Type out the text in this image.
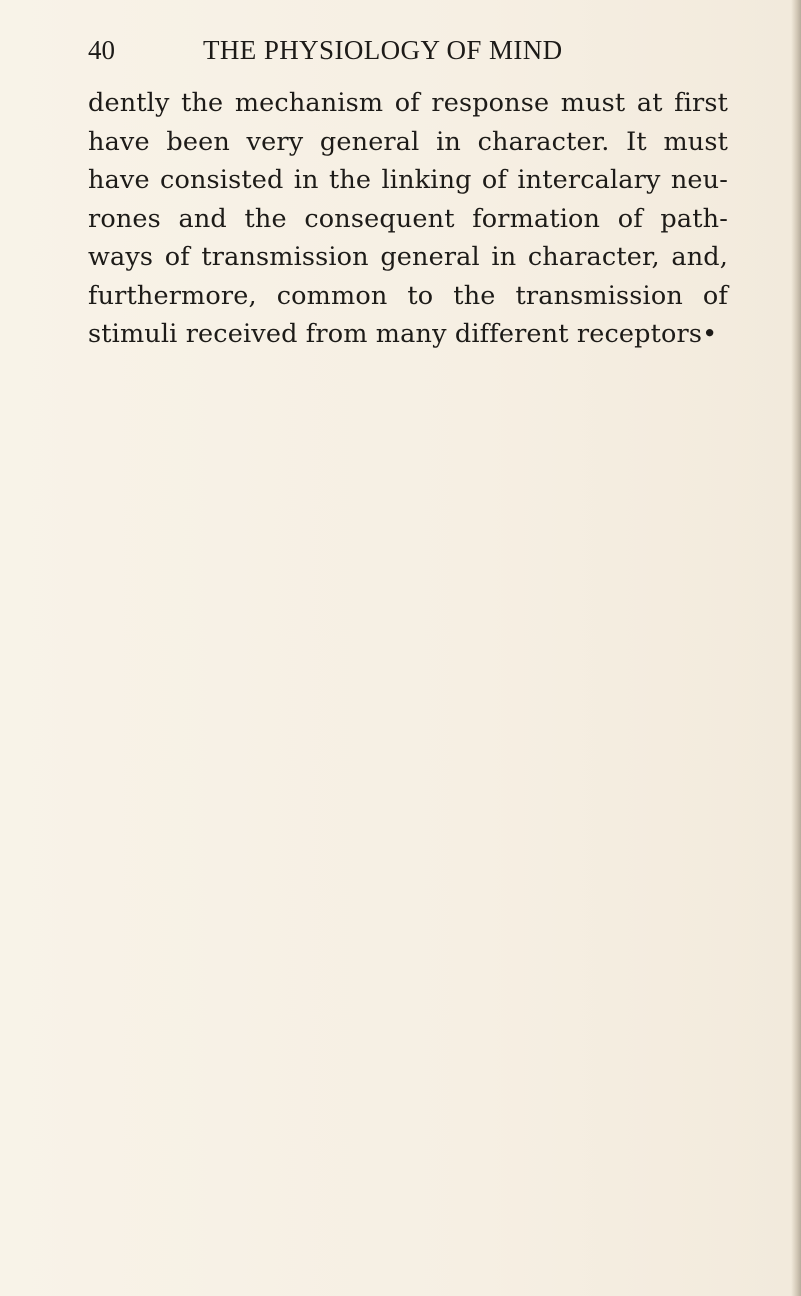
40	THE PHYSIOLOGY OF MIND
dently the mechanism of response must at first
have been very general in character. It must
have consisted in the linking of intercalary neu-
rones and the consequent formation of path-
ways of transmission general in character, and,
furthermore, common to the transmission of
stimuli received from many different receptors•
